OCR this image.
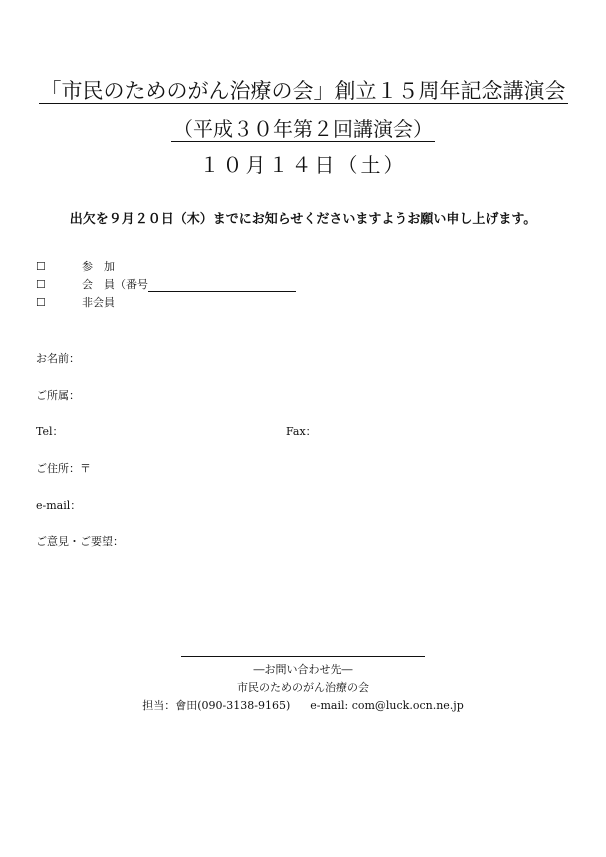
「市民のためのがん治療の会」創立１５周年記念講演会
（平成３０年第２回講演会）
１０月１４日（土）
出欠を９月２０日（木）までにお知らせくださいますようお願い申し上げます。
☐	参　加
☐	会　員（番号
☐	非会員
お名前：
ご所属：
Tel：	Fax：
ご住所：〒
e-mail：
ご意見・ご要望：
―お問い合わせ先―
市民のためのがん治療の会
担当：會田(090-3138-9165) e-mail: com@luck.ocn.ne.jp
